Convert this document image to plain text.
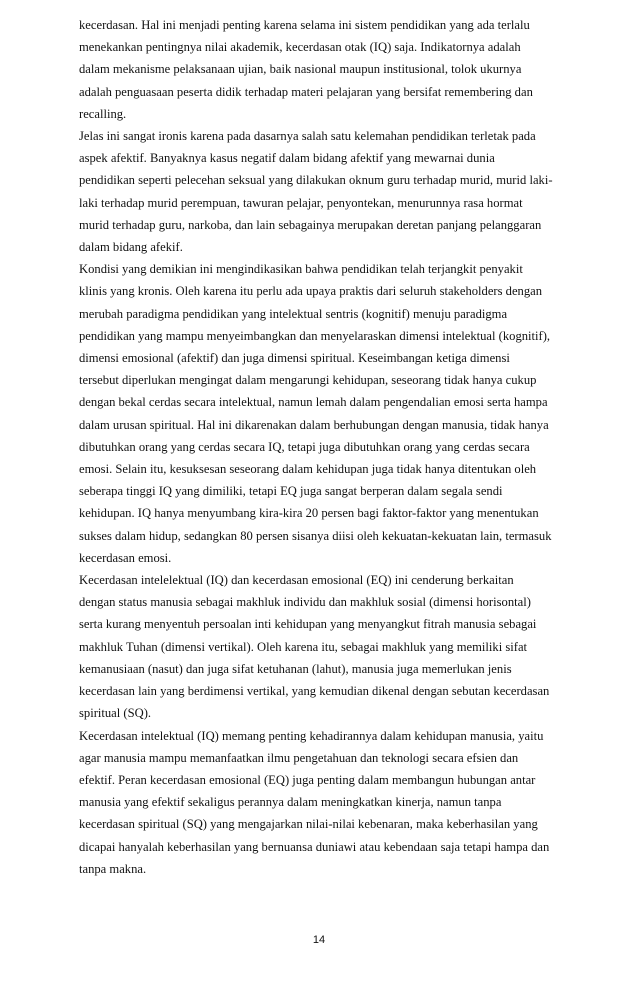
kecerdasan. Hal ini menjadi penting karena selama ini sistem pendidikan yang ada terlalu
menekankan pentingnya nilai akademik, kecerdasan otak (IQ) saja. Indikatornya adalah
dalam mekanisme pelaksanaan ujian, baik nasional maupun institusional, tolok ukurnya
adalah penguasaan peserta didik terhadap materi pelajaran yang bersifat remembering dan
recalling.

Jelas ini sangat ironis karena pada dasarnya salah satu kelemahan pendidikan terletak pada
aspek afektif. Banyaknya kasus negatif dalam bidang afektif yang mewarnai dunia
pendidikan seperti pelecehan seksual yang dilakukan oknum guru terhadap murid, murid laki-
laki terhadap murid perempuan, tawuran pelajar, penyontekan, menurunnya rasa hormat
murid terhadap guru, narkoba, dan lain sebagainya merupakan deretan panjang pelanggaran
dalam bidang afekif.

Kondisi yang demikian ini mengindikasikan bahwa pendidikan telah terjangkit penyakit
klinis yang kronis. Oleh karena itu perlu ada upaya praktis dari seluruh stakeholders dengan
merubah paradigma pendidikan yang intelektual sentris (kognitif) menuju paradigma
pendidikan yang mampu menyeimbangkan dan menyelaraskan dimensi intelektual (kognitif),
dimensi emosional (afektif) dan juga dimensi spiritual. Keseimbangan ketiga dimensi
tersebut diperlukan mengingat dalam mengarungi kehidupan, seseorang tidak hanya cukup
dengan bekal cerdas secara intelektual, namun lemah dalam pengendalian emosi serta hampa
dalam urusan spiritual. Hal ini dikarenakan dalam berhubungan dengan manusia, tidak hanya
dibutuhkan orang yang cerdas secara IQ, tetapi juga dibutuhkan orang yang cerdas secara
emosi. Selain itu, kesuksesan seseorang dalam kehidupan juga tidak hanya ditentukan oleh
seberapa tinggi IQ yang dimiliki, tetapi EQ juga sangat berperan dalam segala sendi
kehidupan. IQ hanya menyumbang kira-kira 20 persen bagi faktor-faktor yang menentukan
sukses dalam hidup, sedangkan 80 persen sisanya diisi oleh kekuatan-kekuatan lain, termasuk
kecerdasan emosi.

Kecerdasan intelelektual (IQ) dan kecerdasan emosional (EQ) ini cenderung berkaitan
dengan status manusia sebagai makhluk individu dan makhluk sosial (dimensi horisontal)
serta kurang menyentuh persoalan inti kehidupan yang menyangkut fitrah manusia sebagai
makhluk Tuhan (dimensi vertikal). Oleh karena itu, sebagai makhluk yang memiliki sifat
kemanusiaan (nasut) dan juga sifat ketuhanan (lahut), manusia juga memerlukan jenis
kecerdasan lain yang berdimensi vertikal, yang kemudian dikenal dengan sebutan kecerdasan
spiritual (SQ).

Kecerdasan intelektual (IQ) memang penting kehadirannya dalam kehidupan manusia, yaitu
agar manusia mampu memanfaatkan ilmu pengetahuan dan teknologi secara efsien dan
efektif. Peran kecerdasan emosional (EQ) juga penting dalam membangun hubungan antar
manusia yang efektif sekaligus perannya dalam meningkatkan kinerja, namun tanpa
kecerdasan spiritual (SQ) yang mengajarkan nilai-nilai kebenaran, maka keberhasilan yang
dicapai hanyalah keberhasilan yang bernuansa duniawi atau kebendaan saja tetapi hampa dan
tanpa makna.

14
